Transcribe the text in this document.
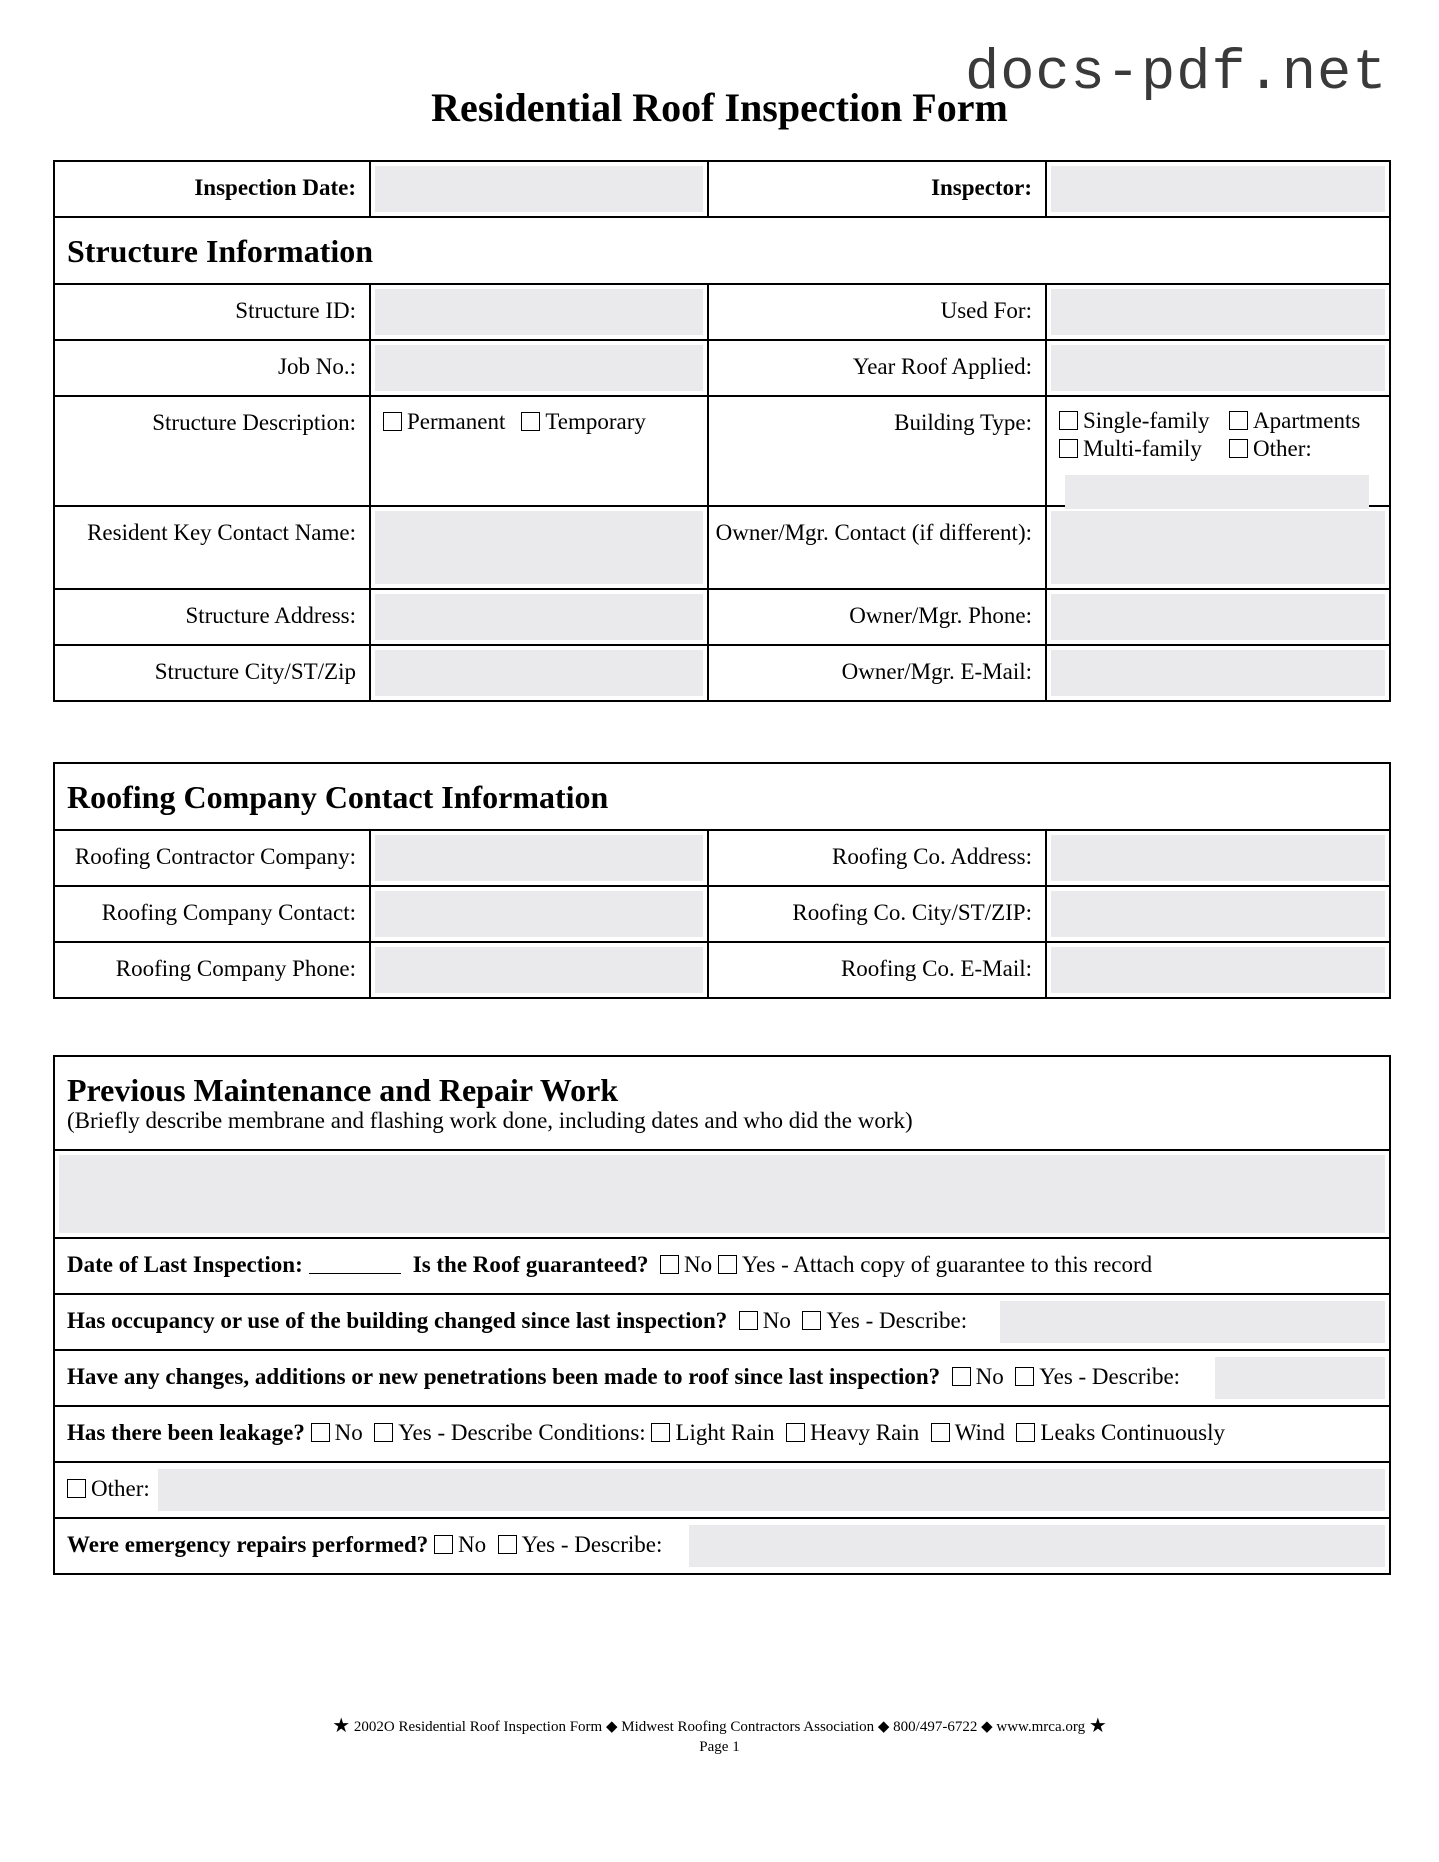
docs-pdf.net
Residential Roof Inspection Form
Inspection Date:		Inspector:	

Structure Information			

Structure ID:		Used For:	

Job No.:		Year Roof Applied:	

Structure Description:	Permanent Temporary	Building Type:	Single-family Apartments
Multi-family Other:

Resident Key Contact Name:		Owner/Mgr. Contact (if different):	

Structure Address:		Owner/Mgr. Phone:	

Structure City/ST/Zip		Owner/Mgr. E-Mail:	
Roofing Company Contact Information			

Roofing Contractor Company:		Roofing Co. Address:	

Roofing Company Contact:		Roofing Co. City/ST/ZIP:	

Roofing Company Phone:		Roofing Co. E-Mail:	
Previous Maintenance and Repair Work
(Briefly describe membrane and flashing work done, including dates and who did the work)

Date of Last Inspection:	Is the Roof guaranteed? No Yes - Attach copy of guarantee to this record

Has occupancy or use of the building changed since last inspection? No Yes - Describe:

Have any changes, additions or new penetrations been made to roof since last inspection? No Yes - Describe:

Has there been leakage? No Yes - Describe Conditions: Light Rain Heavy Rain Wind Leaks Continuously

Other:

Were emergency repairs performed? No Yes - Describe:
★ 2002O Residential Roof Inspection Form ◆ Midwest Roofing Contractors Association ◆ 800/497-6722 ◆ www.mrca.org ★
Page 1
